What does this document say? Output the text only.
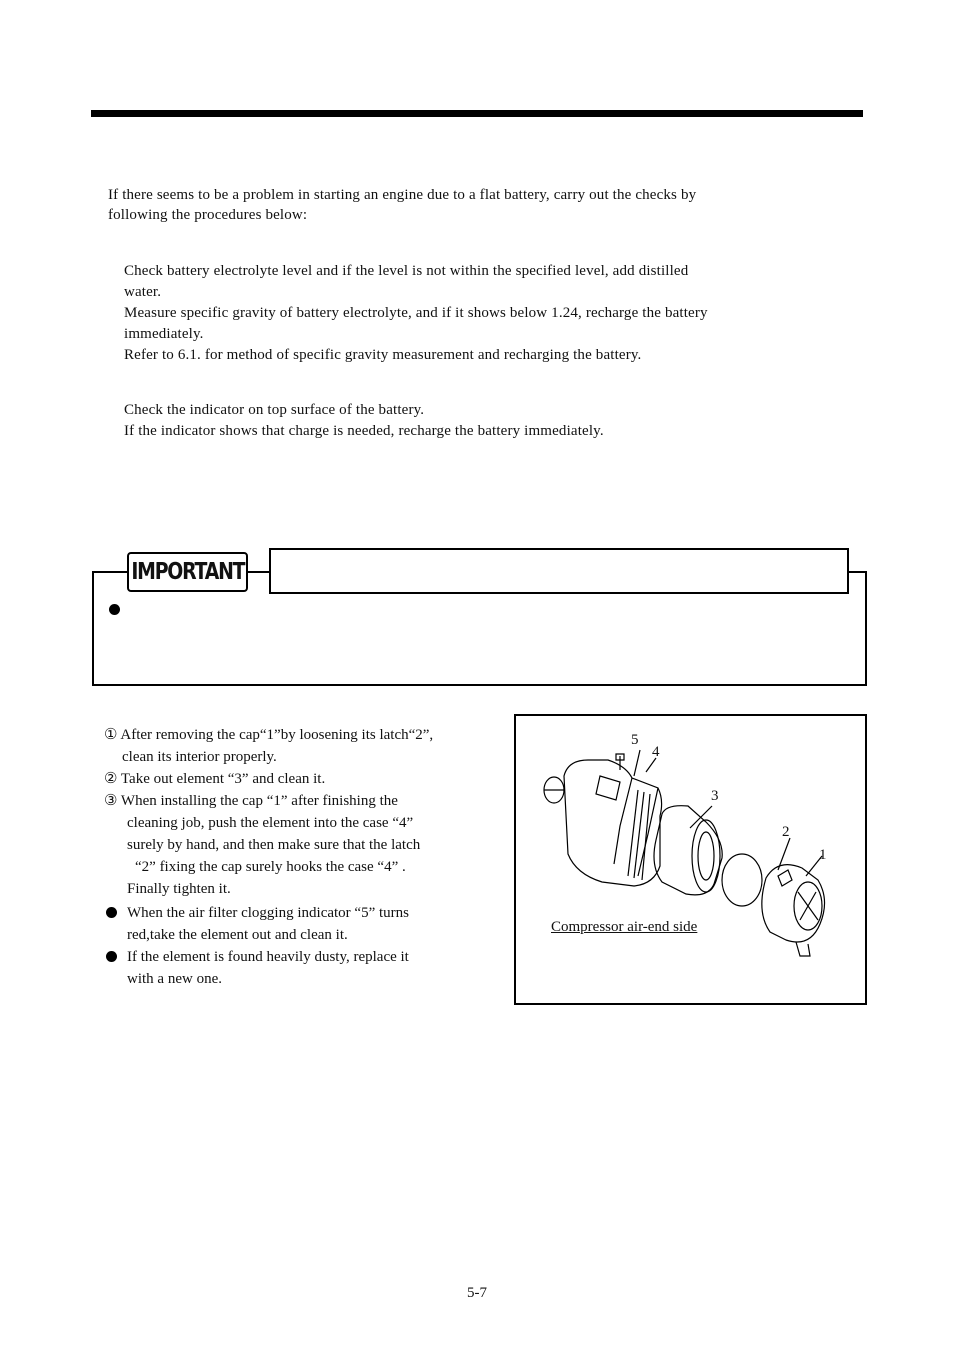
If there seems to be a problem in starting an engine due to a flat battery, carry out the checks by

following the procedures below:

Check battery electrolyte level and if the level is not within the specified level, add distilled

water.

Measure specific gravity of battery electrolyte, and if it shows below 1.24, recharge the battery

immediately.

Refer to 6.1. for method of specific gravity measurement and recharging the battery.

Check the indicator on top surface of the battery.

If the indicator shows that charge is needed, recharge the battery immediately.

IMPORTANT

① After removing the cap“1”by loosening its latch“2”,

clean its interior properly.

② Take out element “3” and clean it.

③ When installing the cap “1” after finishing the

cleaning job, push the element into the case “4”

surely by hand, and then make sure that the latch

“2” fixing the cap surely hooks the case “4” .

Finally tighten it.

When the air filter clogging indicator “5” turns
red,take the element out and clean it.
If the element is found heavily dusty, replace it
with a new one.
5
4
3
2
1
Compressor air-end side
5-7
